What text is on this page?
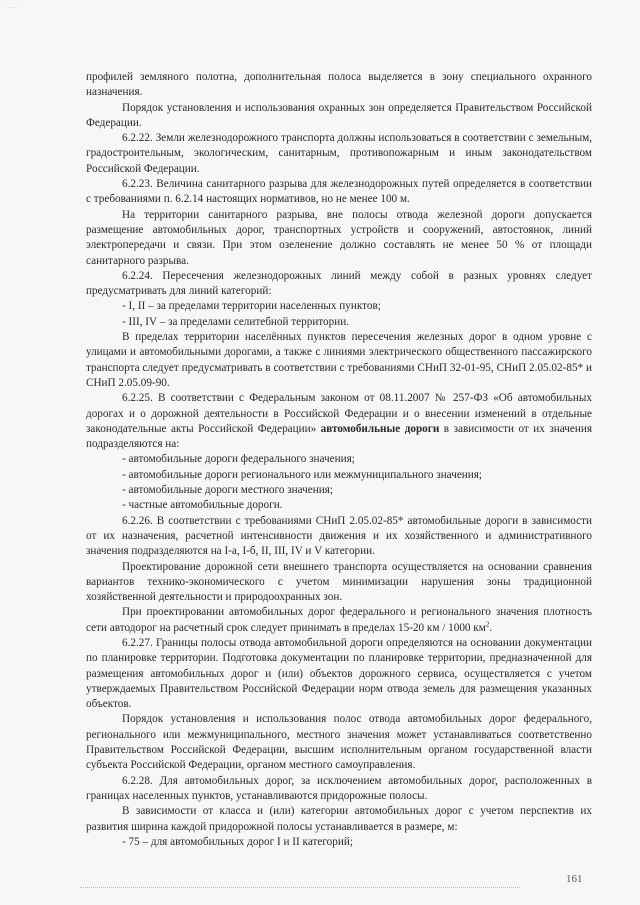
...........

профилей земляного полотна, дополнительная полоса выделяется в зону специального охранного назначения.

Порядок установления и использования охранных зон определяется Правительством Российской Федерации.

6.2.22. Земли железнодорожного транспорта должны использоваться в соответствии с земельным, градостроительным, экологическим, санитарным, противопожарным и иным законодательством Российской Федерации.

6.2.23. Величина санитарного разрыва для железнодорожных путей определяется в соответствии с требованиями п. 6.2.14 настоящих нормативов, но не менее 100 м.

На территории санитарного разрыва, вне полосы отвода железной дороги допускается размещение автомобильных дорог, транспортных устройств и сооружений, автостоянок, линий электропередачи и связи. При этом озеленение должно составлять не менее 50 % от площади санитарного разрыва.

6.2.24. Пересечения железнодорожных линий между собой в разных уровнях следует предусматривать для линий категорий:

- I, II – за пределами территории населенных пунктов;

- III, IV – за пределами селитебной территории.

В пределах территории населённых пунктов пересечения железных дорог в одном уровне с улицами и автомобильными дорогами, а также с линиями электрического общественного пассажирского транспорта следует предусматривать в соответствии с требованиями СНиП 32-01-95, СНиП 2.05.02-85* и СНиП 2.05.09-90.

6.2.25. В соответствии с Федеральным законом от 08.11.2007 № 257-ФЗ «Об автомобильных дорогах и о дорожной деятельности в Российской Федерации и о внесении изменений в отдельные законодательные акты Российской Федерации» автомобильные дороги в зависимости от их значения подразделяются на:

- автомобильные дороги федерального значения;

- автомобильные дороги регионального или межмуниципального значения;

- автомобильные дороги местного значения;

- частные автомобильные дороги.

6.2.26. В соответствии с требованиями СНиП 2.05.02-85* автомобильные дороги в зависимости от их назначения, расчетной интенсивности движения и их хозяйственного и административного значения подразделяются на I-а, I-б, II, III, IV и V категории.

Проектирование дорожной сети внешнего транспорта осуществляется на основании сравнения вариантов технико-экономического с учетом минимизации нарушения зоны традиционной хозяйственной деятельности и природоохранных зон.

При проектировании автомобильных дорог федерального и регионального значения плотность сети автодорог на расчетный срок следует принимать в пределах 15-20 км / 1000 $км^2$.

6.2.27. Границы полосы отвода автомобильной дороги определяются на основании документации по планировке территории. Подготовка документации по планировке территории, предназначенной для размещения автомобильных дорог и (или) объектов дорожного сервиса, осуществляется с учетом утверждаемых Правительством Российской Федерации норм отвода земель для размещения указанных объектов.

Порядок установления и использования полос отвода автомобильных дорог федерального, регионального или межмуниципального, местного значения может устанавливаться соответственно Правительством Российской Федерации, высшим исполнительным органом государственной власти субъекта Российской Федерации, органом местного самоуправления.

6.2.28. Для автомобильных дорог, за исключением автомобильных дорог, расположенных в границах населенных пунктов, устанавливаются придорожные полосы.

В зависимости от класса и (или) категории автомобильных дорог с учетом перспектив их развития ширина каждой придорожной полосы устанавливается в размере, м:

- 75 – для автомобильных дорог I и II категорий;

161
